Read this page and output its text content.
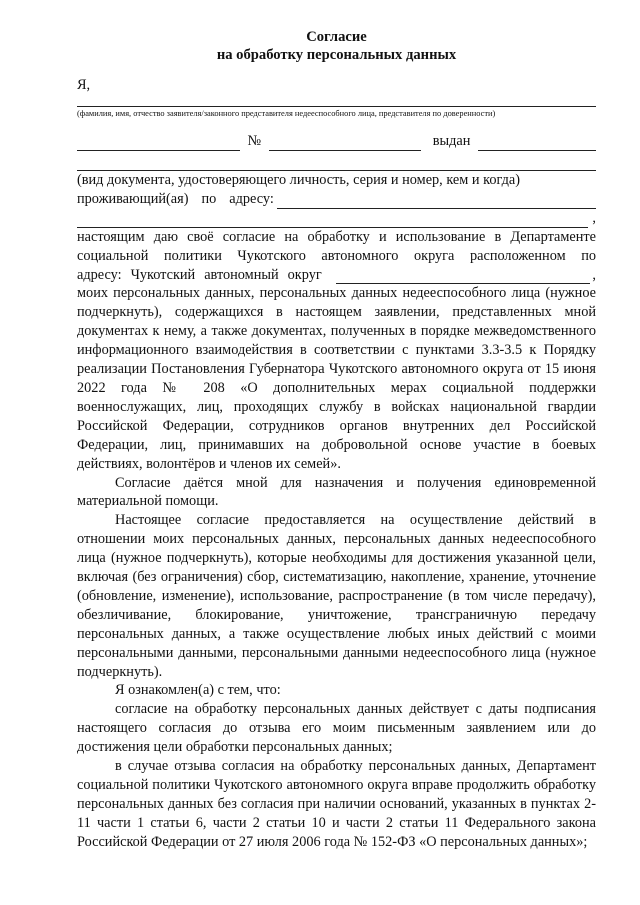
Согласие
на обработку персональных данных
Я,
(фамилия, имя, отчество заявителя/законного представителя недееспособного лица, представителя по доверенности)
№	выдан
(вид документа, удостоверяющего личность, серия и номер, кем и когда)
проживающий(ая) по адресу:
,

настоящим даю своё согласие на обработку и использование в Департаменте

социальной политики Чукотского автономного округа расположенном по

адресу: Чукотский автономный округ	,

моих персональных данных, персональных данных недееспособного лица (нужное подчеркнуть), содержащихся в настоящем заявлении, представленных мной документах к нему, а также документах, полученных в порядке межведомственного информационного взаимодействия в соответствии с пунктами 3.3-3.5 к Порядку реализации Постановления Губернатора Чукотского автономного округа от 15 июня 2022 года № 208 «О дополнительных мерах социальной поддержки военнослужащих, лиц, проходящих службу в войсках национальной гвардии Российской Федерации, сотрудников органов внутренних дел Российской Федерации, лиц, принимавших на добровольной основе участие в боевых действиях, волонтёров и членов их семей».

Согласие даётся мной для назначения и получения единовременной материальной помощи.

Настоящее согласие предоставляется на осуществление действий в отношении моих персональных данных, персональных данных недееспособного лица (нужное подчеркнуть), которые необходимы для достижения указанной цели, включая (без ограничения) сбор, систематизацию, накопление, хранение, уточнение (обновление, изменение), использование, распространение (в том числе передачу), обезличивание, блокирование, уничтожение, трансграничную передачу персональных данных, а также осуществление любых иных действий с моими персональными данными, персональными данными недееспособного лица (нужное подчеркнуть).

Я ознакомлен(а) с тем, что:

согласие на обработку персональных данных действует с даты подписания настоящего согласия до отзыва его моим письменным заявлением или до достижения цели обработки персональных данных;

в случае отзыва согласия на обработку персональных данных, Департамент социальной политики Чукотского автономного округа вправе продолжить обработку персональных данных без согласия при наличии оснований, указанных в пунктах 2-11 части 1 статьи 6, части 2 статьи 10 и части 2 статьи 11 Федерального закона Российской Федерации от 27 июля 2006 года № 152-ФЗ «О персональных данных»;
